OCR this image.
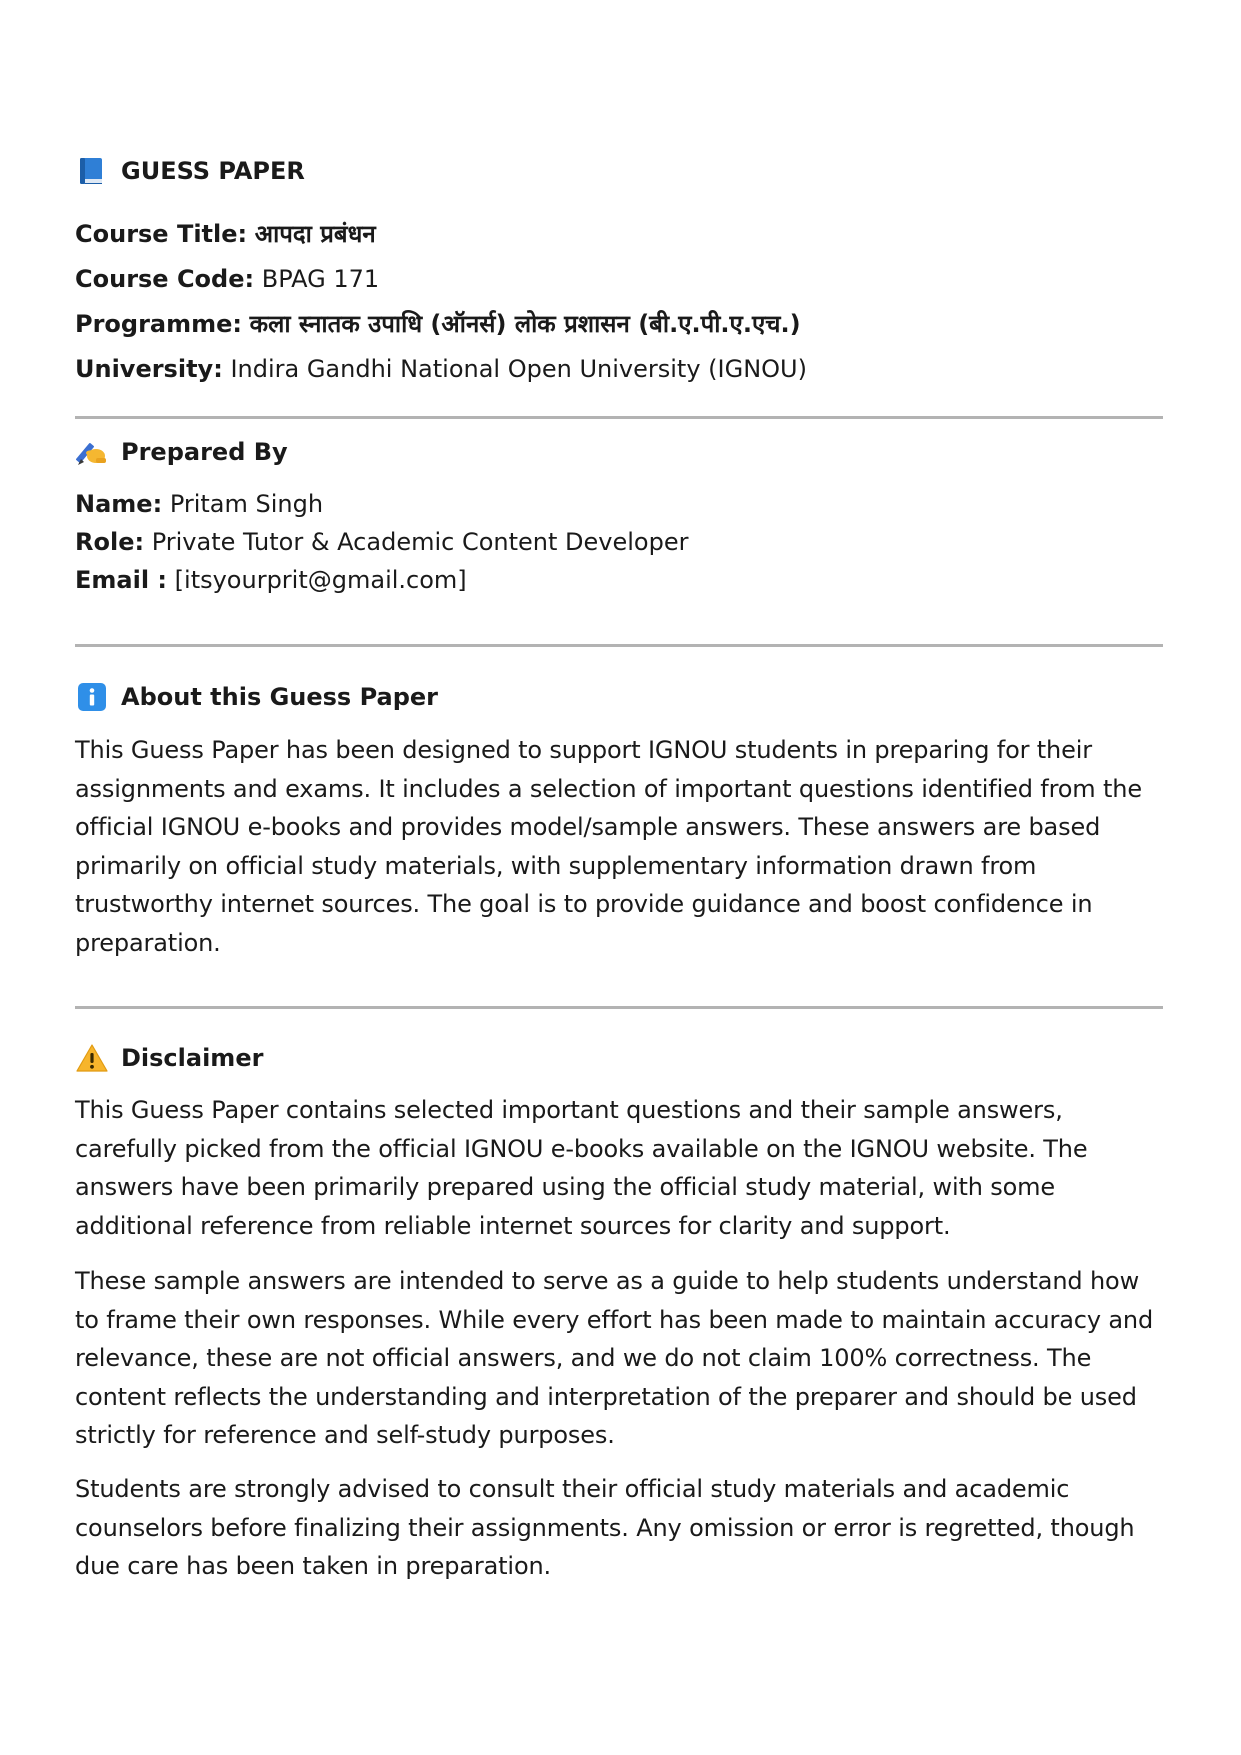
GUESS PAPER
Course Title: आपदा प्रबंधन
Course Code: BPAG 171
Programme: कला स्नातक उपाधि (ऑनर्स) लोक प्रशासन (बी.ए.पी.ए.एच.)
University: Indira Gandhi National Open University (IGNOU)
Prepared By
Name: Pritam Singh
Role: Private Tutor & Academic Content Developer
Email : [itsyourprit@gmail.com]
About this Guess Paper

This Guess Paper has been designed to support IGNOU students in preparing for their assignments and exams. It includes a selection of important questions identified from the official IGNOU e-books and provides model/sample answers. These answers are based primarily on official study materials, with supplementary information drawn from trustworthy internet sources. The goal is to provide guidance and boost confidence in preparation.

Disclaimer

This Guess Paper contains selected important questions and their sample answers, carefully picked from the official IGNOU e-books available on the IGNOU website. The answers have been primarily prepared using the official study material, with some additional reference from reliable internet sources for clarity and support.

These sample answers are intended to serve as a guide to help students understand how to frame their own responses. While every effort has been made to maintain accuracy and relevance, these are not official answers, and we do not claim 100% correctness. The content reflects the understanding and interpretation of the preparer and should be used strictly for reference and self-study purposes.

Students are strongly advised to consult their official study materials and academic counselors before finalizing their assignments. Any omission or error is regretted, though due care has been taken in preparation.
